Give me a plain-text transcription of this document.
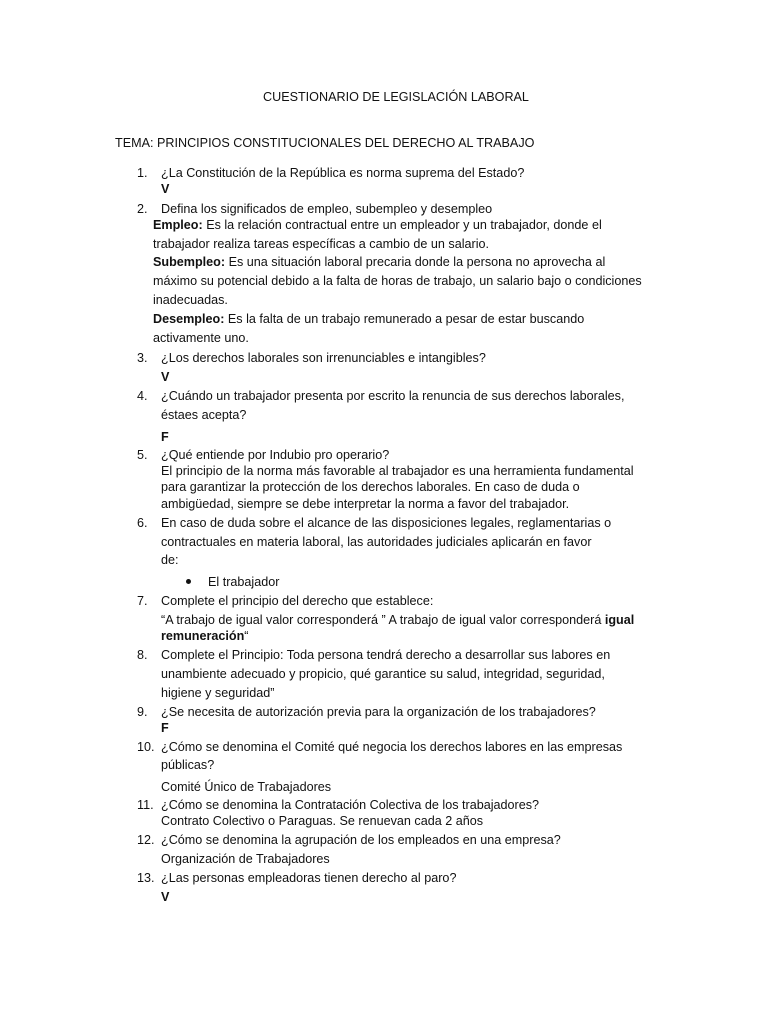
CUESTIONARIO DE LEGISLACIÓN LABORAL
TEMA: PRINCIPIOS CONSTITUCIONALES DEL DERECHO AL TRABAJO
1. ¿La Constitución de la República es norma suprema del Estado?
V
2. Defina los significados de empleo, subempleo y desempleo
Empleo: Es la relación contractual entre un empleador y un trabajador, donde el
trabajador realiza tareas específicas a cambio de un salario.
Subempleo: Es una situación laboral precaria donde la persona no aprovecha al
máximo su potencial debido a la falta de horas de trabajo, un salario bajo o condiciones
inadecuadas.
Desempleo: Es la falta de un trabajo remunerado a pesar de estar buscando
activamente uno.
3. ¿Los derechos laborales son irrenunciables e intangibles?
V
4. ¿Cuándo un trabajador presenta por escrito la renuncia de sus derechos laborales,
éstaes acepta?
F
5. ¿Qué entiende por Indubio pro operario?
El principio de la norma más favorable al trabajador es una herramienta fundamental
para garantizar la protección de los derechos laborales. En caso de duda o
ambigüedad, siempre se debe interpretar la norma a favor del trabajador.
6. En caso de duda sobre el alcance de las disposiciones legales, reglamentarias o
contractuales en materia laboral, las autoridades judiciales aplicarán en favor
de:
El trabajador
7. Complete el principio del derecho que establece:
“A trabajo de igual valor corresponderá ” A trabajo de igual valor corresponderá igual
remuneración“
8. Complete el Principio: Toda persona tendrá derecho a desarrollar sus labores en
unambiente adecuado y propicio, qué garantice su salud, integridad, seguridad,
higiene y seguridad”
9. ¿Se necesita de autorización previa para la organización de los trabajadores?
F
10. ¿Cómo se denomina el Comité qué negocia los derechos labores en las empresas
públicas?
Comité Único de Trabajadores
11. ¿Cómo se denomina la Contratación Colectiva de los trabajadores?
Contrato Colectivo o Paraguas. Se renuevan cada 2 años
12. ¿Cómo se denomina la agrupación de los empleados en una empresa?
Organización de Trabajadores
13. ¿Las personas empleadoras tienen derecho al paro?
V
